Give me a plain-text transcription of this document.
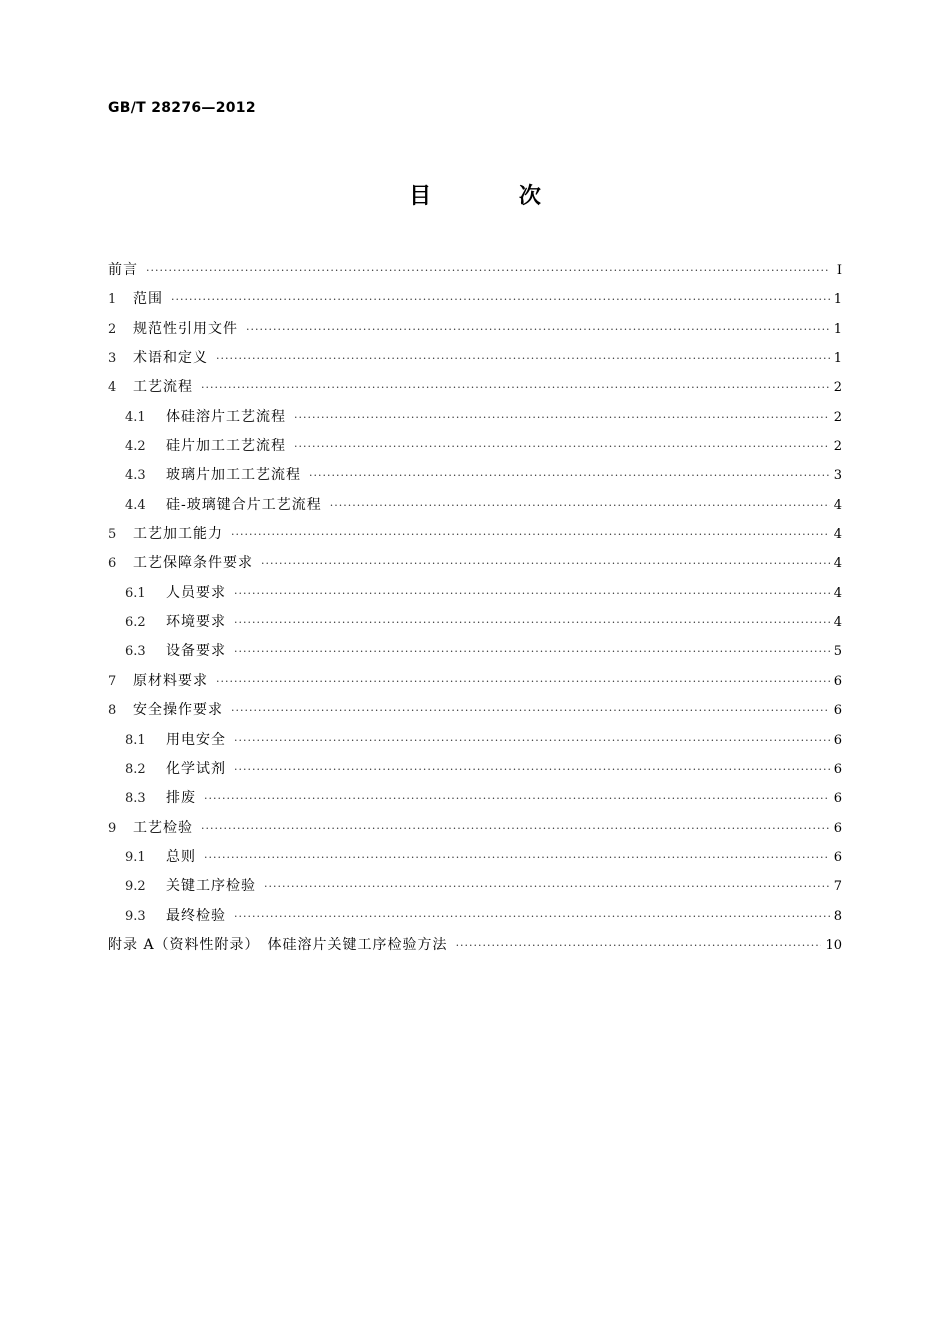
GB/T 28276—2012
目 次
前言 ·····	Ⅰ
1	范围 ·····	1
2	规范性引用文件 ·····	1
3	术语和定义 ·····	1
4	工艺流程 ·····	2
4.1	体硅溶片工艺流程 ·····	2
4.2	硅片加工工艺流程 ·····	2
4.3	玻璃片加工工艺流程 ·····	3
4.4	硅-玻璃键合片工艺流程 ·····	4
5	工艺加工能力 ·····	4
6	工艺保障条件要求 ·····	4
6.1	人员要求 ·····	4
6.2	环境要求 ·····	4
6.3	设备要求 ·····	5
7	原材料要求 ·····	6
8	安全操作要求 ·····	6
8.1	用电安全 ·····	6
8.2	化学试剂 ·····	6
8.3	排废 ·····	6
9	工艺检验 ·····	6
9.1	总则 ·····	6
9.2	关键工序检验 ·····	7
9.3	最终检验 ·····	8
附录 A（资料性附录）　体硅溶片关键工序检验方法 ·····	10
